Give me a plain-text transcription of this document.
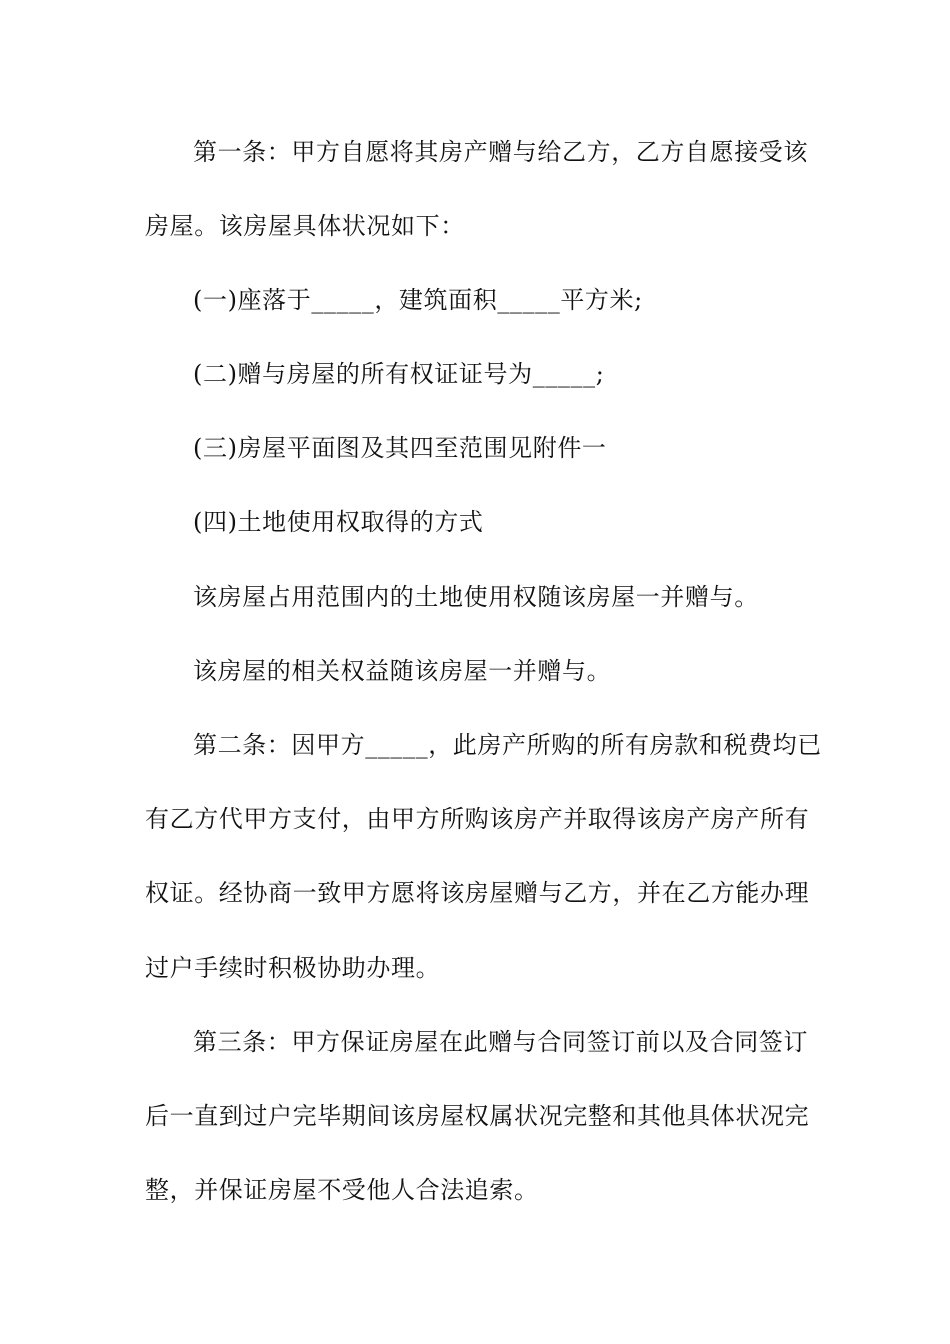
第一条：甲方自愿将其房产赠与给乙方，乙方自愿接受该
房屋。该房屋具体状况如下：
(一)座落于_____，建筑面积_____平方米;
(二)赠与房屋的所有权证证号为_____;
(三)房屋平面图及其四至范围见附件一
(四)土地使用权取得的方式
该房屋占用范围内的土地使用权随该房屋一并赠与。
该房屋的相关权益随该房屋一并赠与。
第二条：因甲方_____，此房产所购的所有房款和税费均已
有乙方代甲方支付，由甲方所购该房产并取得该房产房产所有
权证。经协商一致甲方愿将该房屋赠与乙方，并在乙方能办理
过户手续时积极协助办理。
第三条：甲方保证房屋在此赠与合同签订前以及合同签订
后一直到过户完毕期间该房屋权属状况完整和其他具体状况完
整，并保证房屋不受他人合法追索。
